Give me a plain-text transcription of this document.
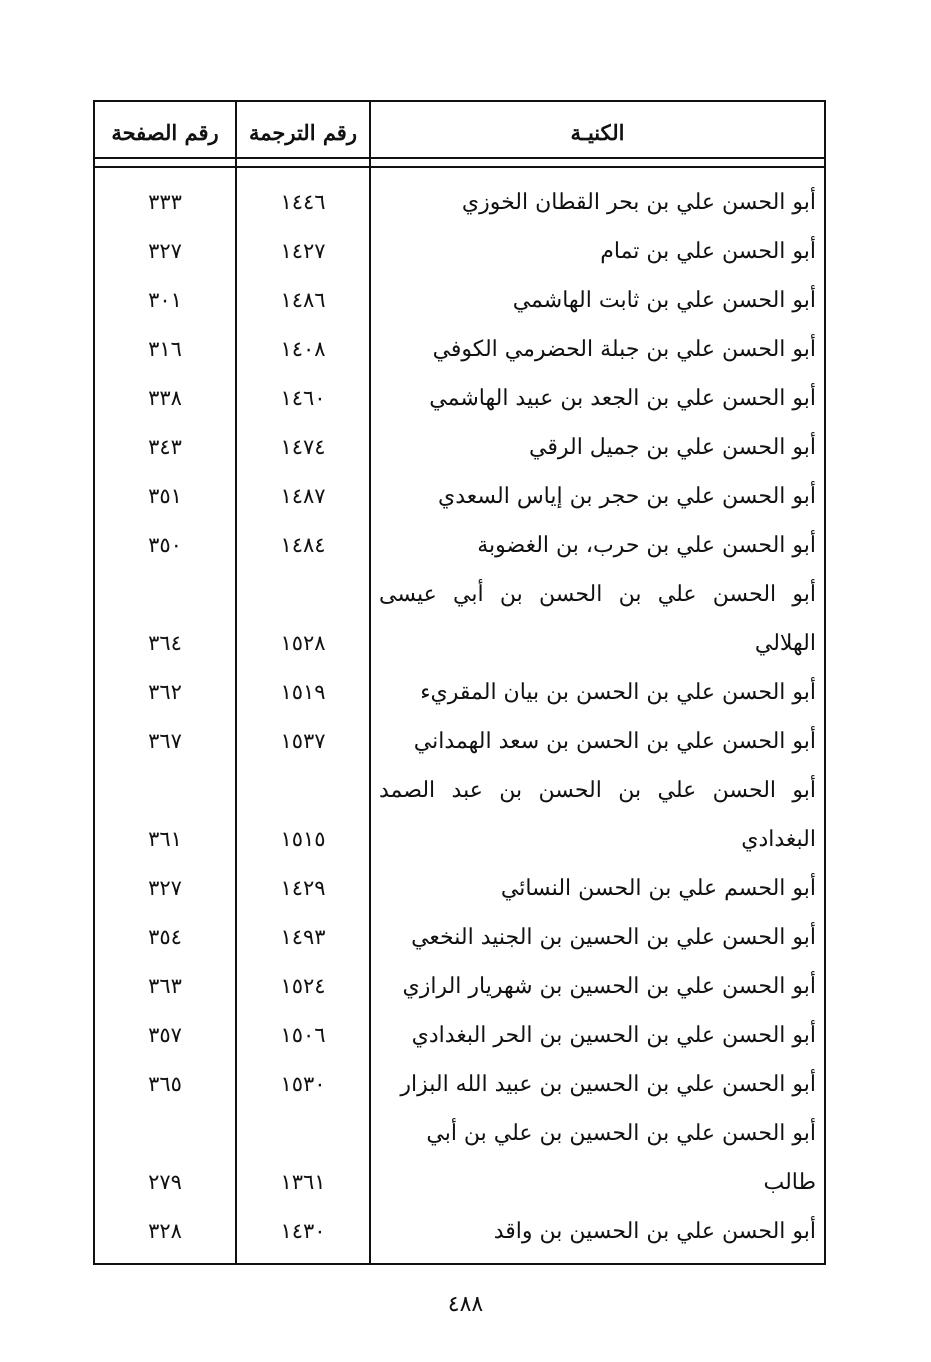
الكنيـة
رقم الترجمة
رقم الصفحة
أبو الحسن علي بن بحر القطان الخوزي
١٤٤٦
٣٣٣
أبو الحسن علي بن تمام
١٤٢٧
٣٢٧
أبو الحسن علي بن ثابت الهاشمي
١٤٨٦
٣٠١
أبو الحسن علي بن جبلة الحضرمي الكوفي
١٤٠٨
٣١٦
أبو الحسن علي بن الجعد بن عبيد الهاشمي
١٤٦٠
٣٣٨
أبو الحسن علي بن جميل الرقي
١٤٧٤
٣٤٣
أبو الحسن علي بن حجر بن إياس السعدي
١٤٨٧
٣٥١
أبو الحسن علي بن حرب، بن الغضوبة
١٤٨٤
٣٥٠
أبو الحسن علي بن الحسن بن أبي عيسى
الهلالي
١٥٢٨
٣٦٤
أبو الحسن علي بن الحسن بن بيان المقريء
١٥١٩
٣٦٢
أبو الحسن علي بن الحسن بن سعد الهمداني
١٥٣٧
٣٦٧
أبو الحسن علي بن الحسن بن عبد الصمد
البغدادي
١٥١٥
٣٦١
أبو الحسم علي بن الحسن النسائي
١٤٢٩
٣٢٧
أبو الحسن علي بن الحسين بن الجنيد النخعي
١٤٩٣
٣٥٤
أبو الحسن علي بن الحسين بن شهريار الرازي
١٥٢٤
٣٦٣
أبو الحسن علي بن الحسين بن الحر البغدادي
١٥٠٦
٣٥٧
أبو الحسن علي بن الحسين بن عبيد الله البزار
١٥٣٠
٣٦٥
أبو الحسن علي بن الحسين بن علي بن أبي
طالب
١٣٦١
٢٧٩
أبو الحسن علي بن الحسين بن واقد
١٤٣٠
٣٢٨
٤٨٨
